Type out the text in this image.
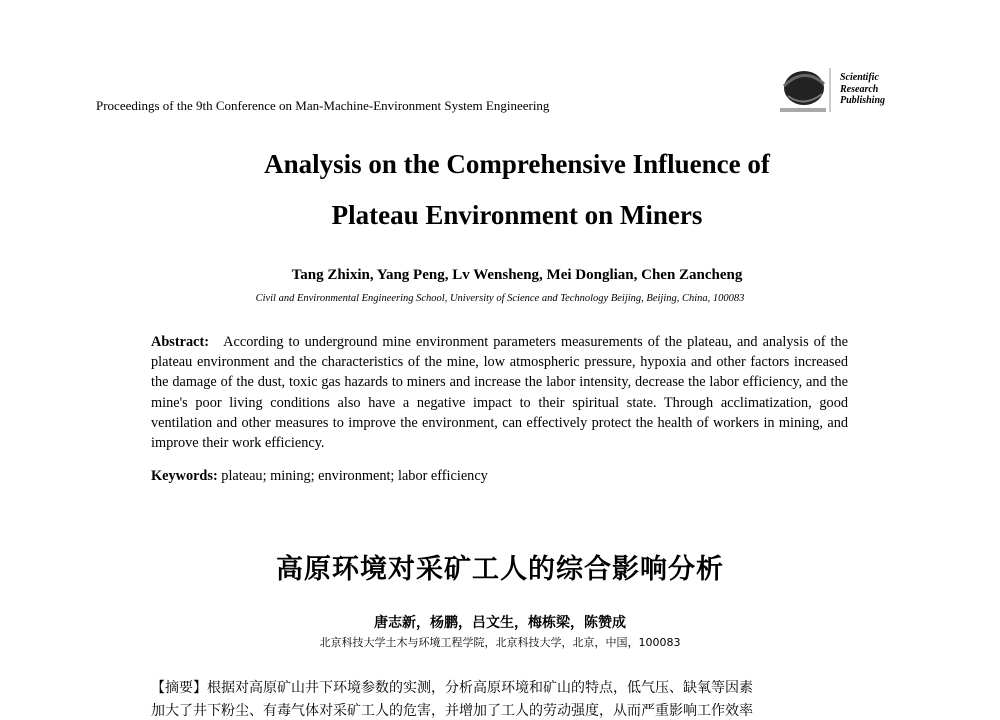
Proceedings of the 9th Conference on Man-Machine-Environment System Engineering
Scientific
Research
Publishing
Analysis on the Comprehensive Influence of
Plateau Environment on Miners
Tang Zhixin, Yang Peng, Lv Wensheng, Mei Donglian, Chen Zancheng
Civil and Environmental Engineering School, University of Science and Technology Beijing, Beijing, China, 100083
Abstract: According to underground mine environment parameters measurements of the plateau, and analysis of the plateau environment and the characteristics of the mine, low atmospheric pressure, hypoxia and other factors increased the damage of the dust, toxic gas hazards to miners and increase the labor intensity, decrease the labor efficiency, and the mine's poor living conditions also have a negative impact to their spiritual state. Through acclimatization, good ventilation and other measures to improve the environment, can effectively protect the health of workers in mining, and improve their work efficiency.
Keywords: plateau; mining; environment; labor efficiency
高原环境对采矿工人的综合影响分析
唐志新，杨鹏，吕文生，梅栋梁，陈赞成
北京科技大学土木与环境工程学院，北京科技大学，北京，中国，100083
【摘要】根据对高原矿山井下环境参数的实测，分析高原环境和矿山的特点，低气压、缺氧等因素
加大了井下粉尘、有毒气体对采矿工人的危害，并增加了工人的劳动强度，从而严重影响工作效率
